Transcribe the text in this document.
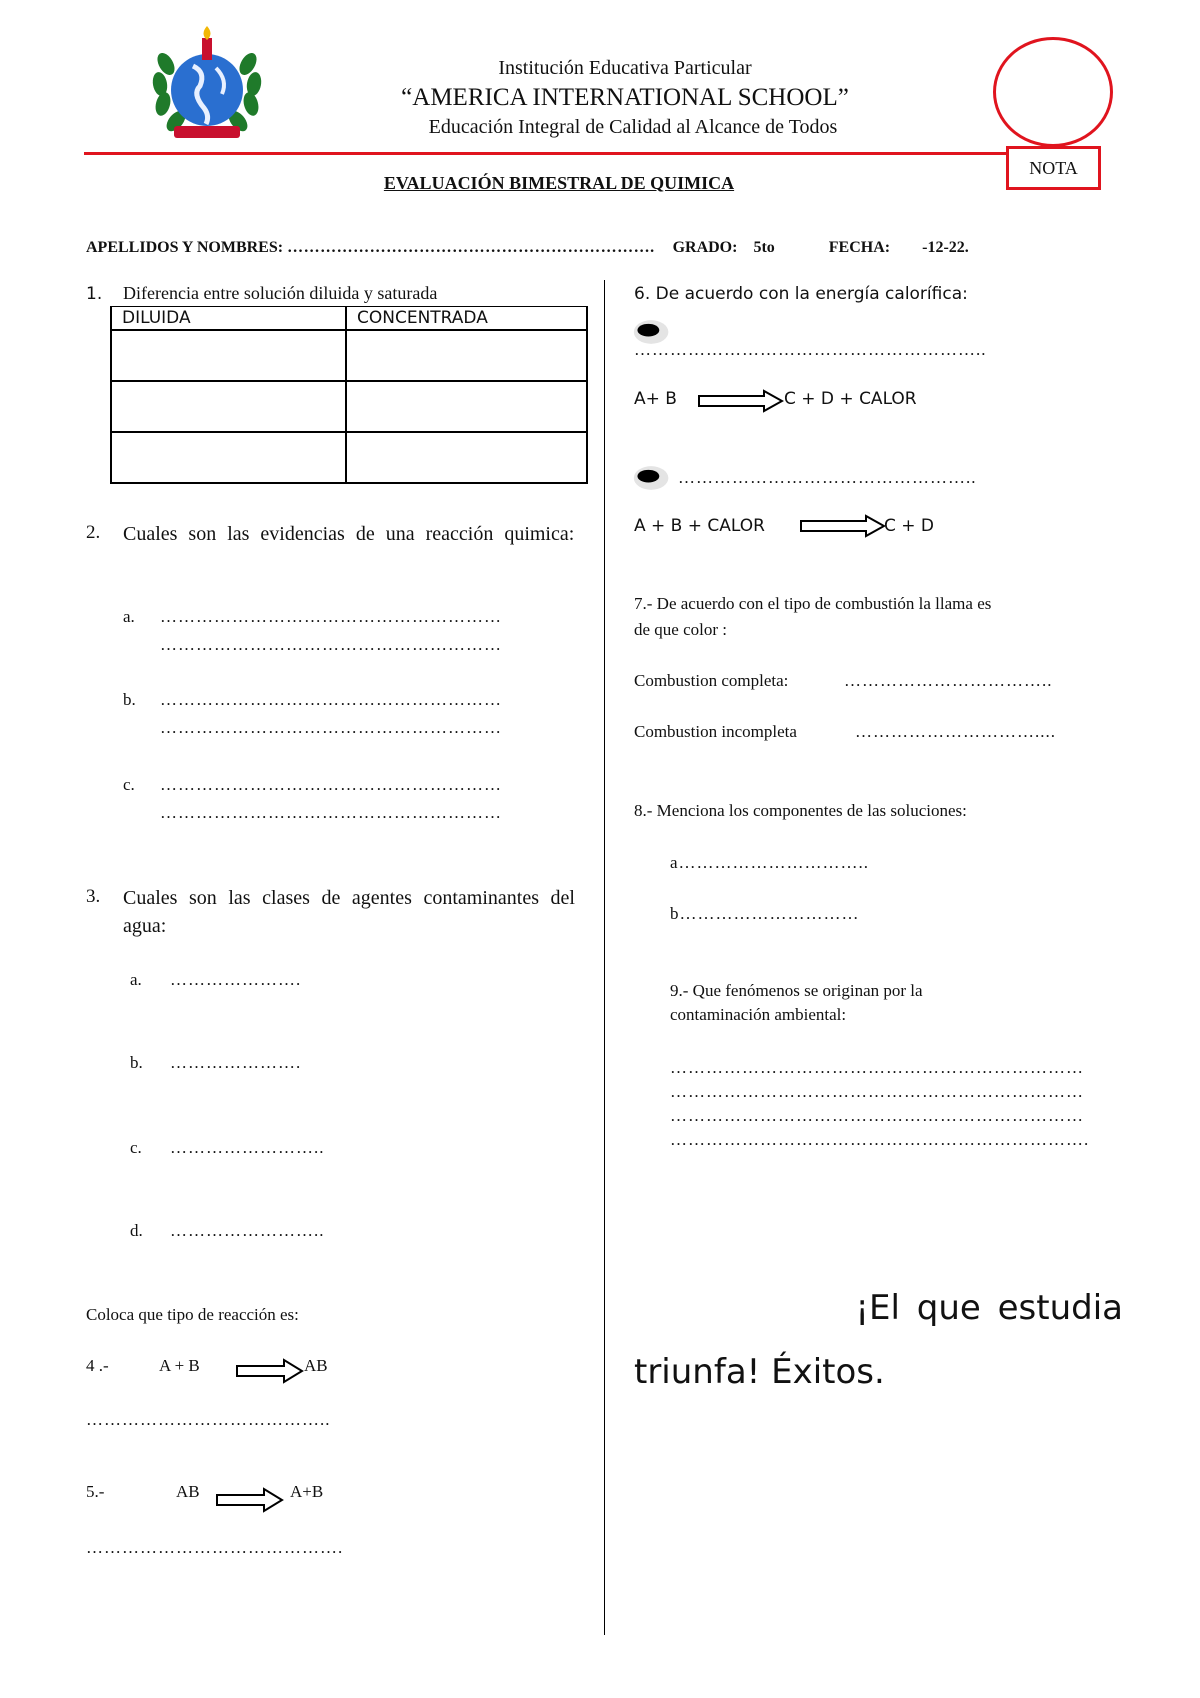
Institución Educativa Particular
“AMERICA INTERNATIONAL SCHOOL”
Educación Integral de Calidad al Alcance de Todos
NOTA
EVALUACIÓN BIMESTRAL DE QUIMICA
APELLIDOS Y NOMBRES: …………………………………………………………. GRADO: 5to	FECHA: -12-22.
1. Diferencia entre solución diluida y saturada
DILUIDA	CONCENTRADA

2. Cuales son las evidencias de una reacción quimica:
a. …………………………………………………
…………………………………………………
b. …………………………………………………
…………………………………………………
c. …………………………………………………
…………………………………………………
3. Cuales son las clases de agentes contaminantes del agua:
a. ………………….
b. ………………….
c. ……………………..
d. ……………………..
Coloca que tipo de reacción es:
4 .-	A + B	AB
…………………………………..
5.-	AB	A+B
…………………………………….
6. De acuerdo con la energía calorífica:
…………………………………………………..
A+ B	C + D + CALOR
…………………………………………..
A + B + CALOR	C + D
7.- De acuerdo con el tipo de combustión la llama es
de que color :
Combustion completa:	……………………………..
Combustion incompleta	…………………………....
8.- Menciona los componentes de las soluciones:
a…………………………..
b…………………………
9.- Que fenómenos se originan por la
contaminación ambiental:
……………………………………………………………
……………………………………………………………
……………………………………………………………
…………………………………………………………….
¡El que estudia
triunfa! Éxitos.
